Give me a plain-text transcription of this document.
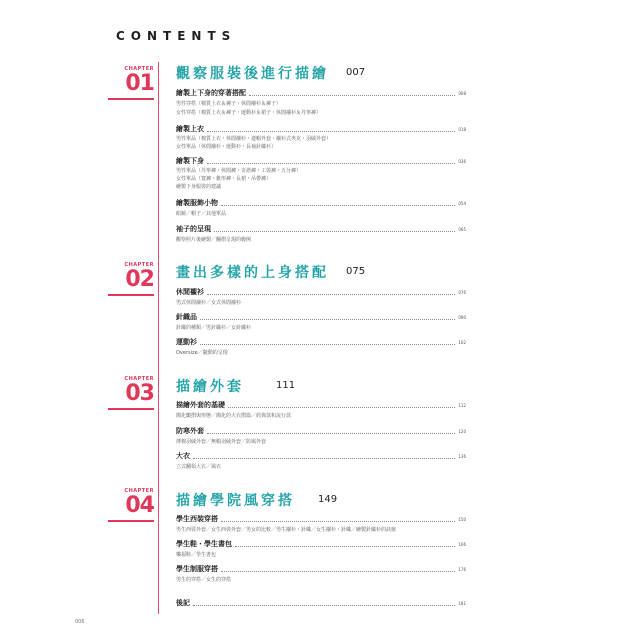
CONTENTS
CHAPTER
01 觀察服裝後進行描繪 007
繪製上下身的穿著搭配	008
男性穿搭（棉質上衣＆褲子・休閒襯衫＆褲子）
女性穿搭（棉質上衣＆褲子・運動衫＆裙子・休閒襯衫＆丹寧褲）
繪製上衣	018
男性單品（棉質上衣・休閒襯衫・連帽外套・襯衫式夾克・羽絨外套）
女性單品（休閒襯衫・運動衫・長袖針織衫）
繪製下身	036
男性單品（丹寧褲・休閒褲・奇諾褲・工裝褲・五分褲）
女性單品（寬褲・錐形褲・長裙・吊帶褲）
繪製下身服裝的建議
繪製服飾小物	054
眼鏡／帽子／其他單品
袖子的呈現	065
觀察照片後繪製／翻摺呈現的範例
CHAPTER
02 畫出多樣的上身搭配 075
休閒襯衫	076
男式休閒襯衫／女式休閒襯衫
針織品	090
針織的種類／男針織衫／女針織衫
運動衫	102
Oversize／隨動的呈現
CHAPTER
03 描繪外套	111
描繪外套的基礎	112
簡化皺摺與形態／簡化的大衣摺篇／經典款和流行款
防寒外套	120
薄棉羽絨外套／無帽羽絨外套／防風外套
大衣	136
立式翻領大衣／風衣
CHAPTER
04 描繪學院風穿搭 149
學生西裝穿搭	150
男生西裝外套／女生西裝外套／男女的比較／男生襯衫・針織／女生襯衫・針織／繪製針織衫的訣竅
學生鞋・學生書包	166
樂福鞋／學生書包
學生制服穿搭	176
男生的穿搭／女生的穿搭
後記	181
006
